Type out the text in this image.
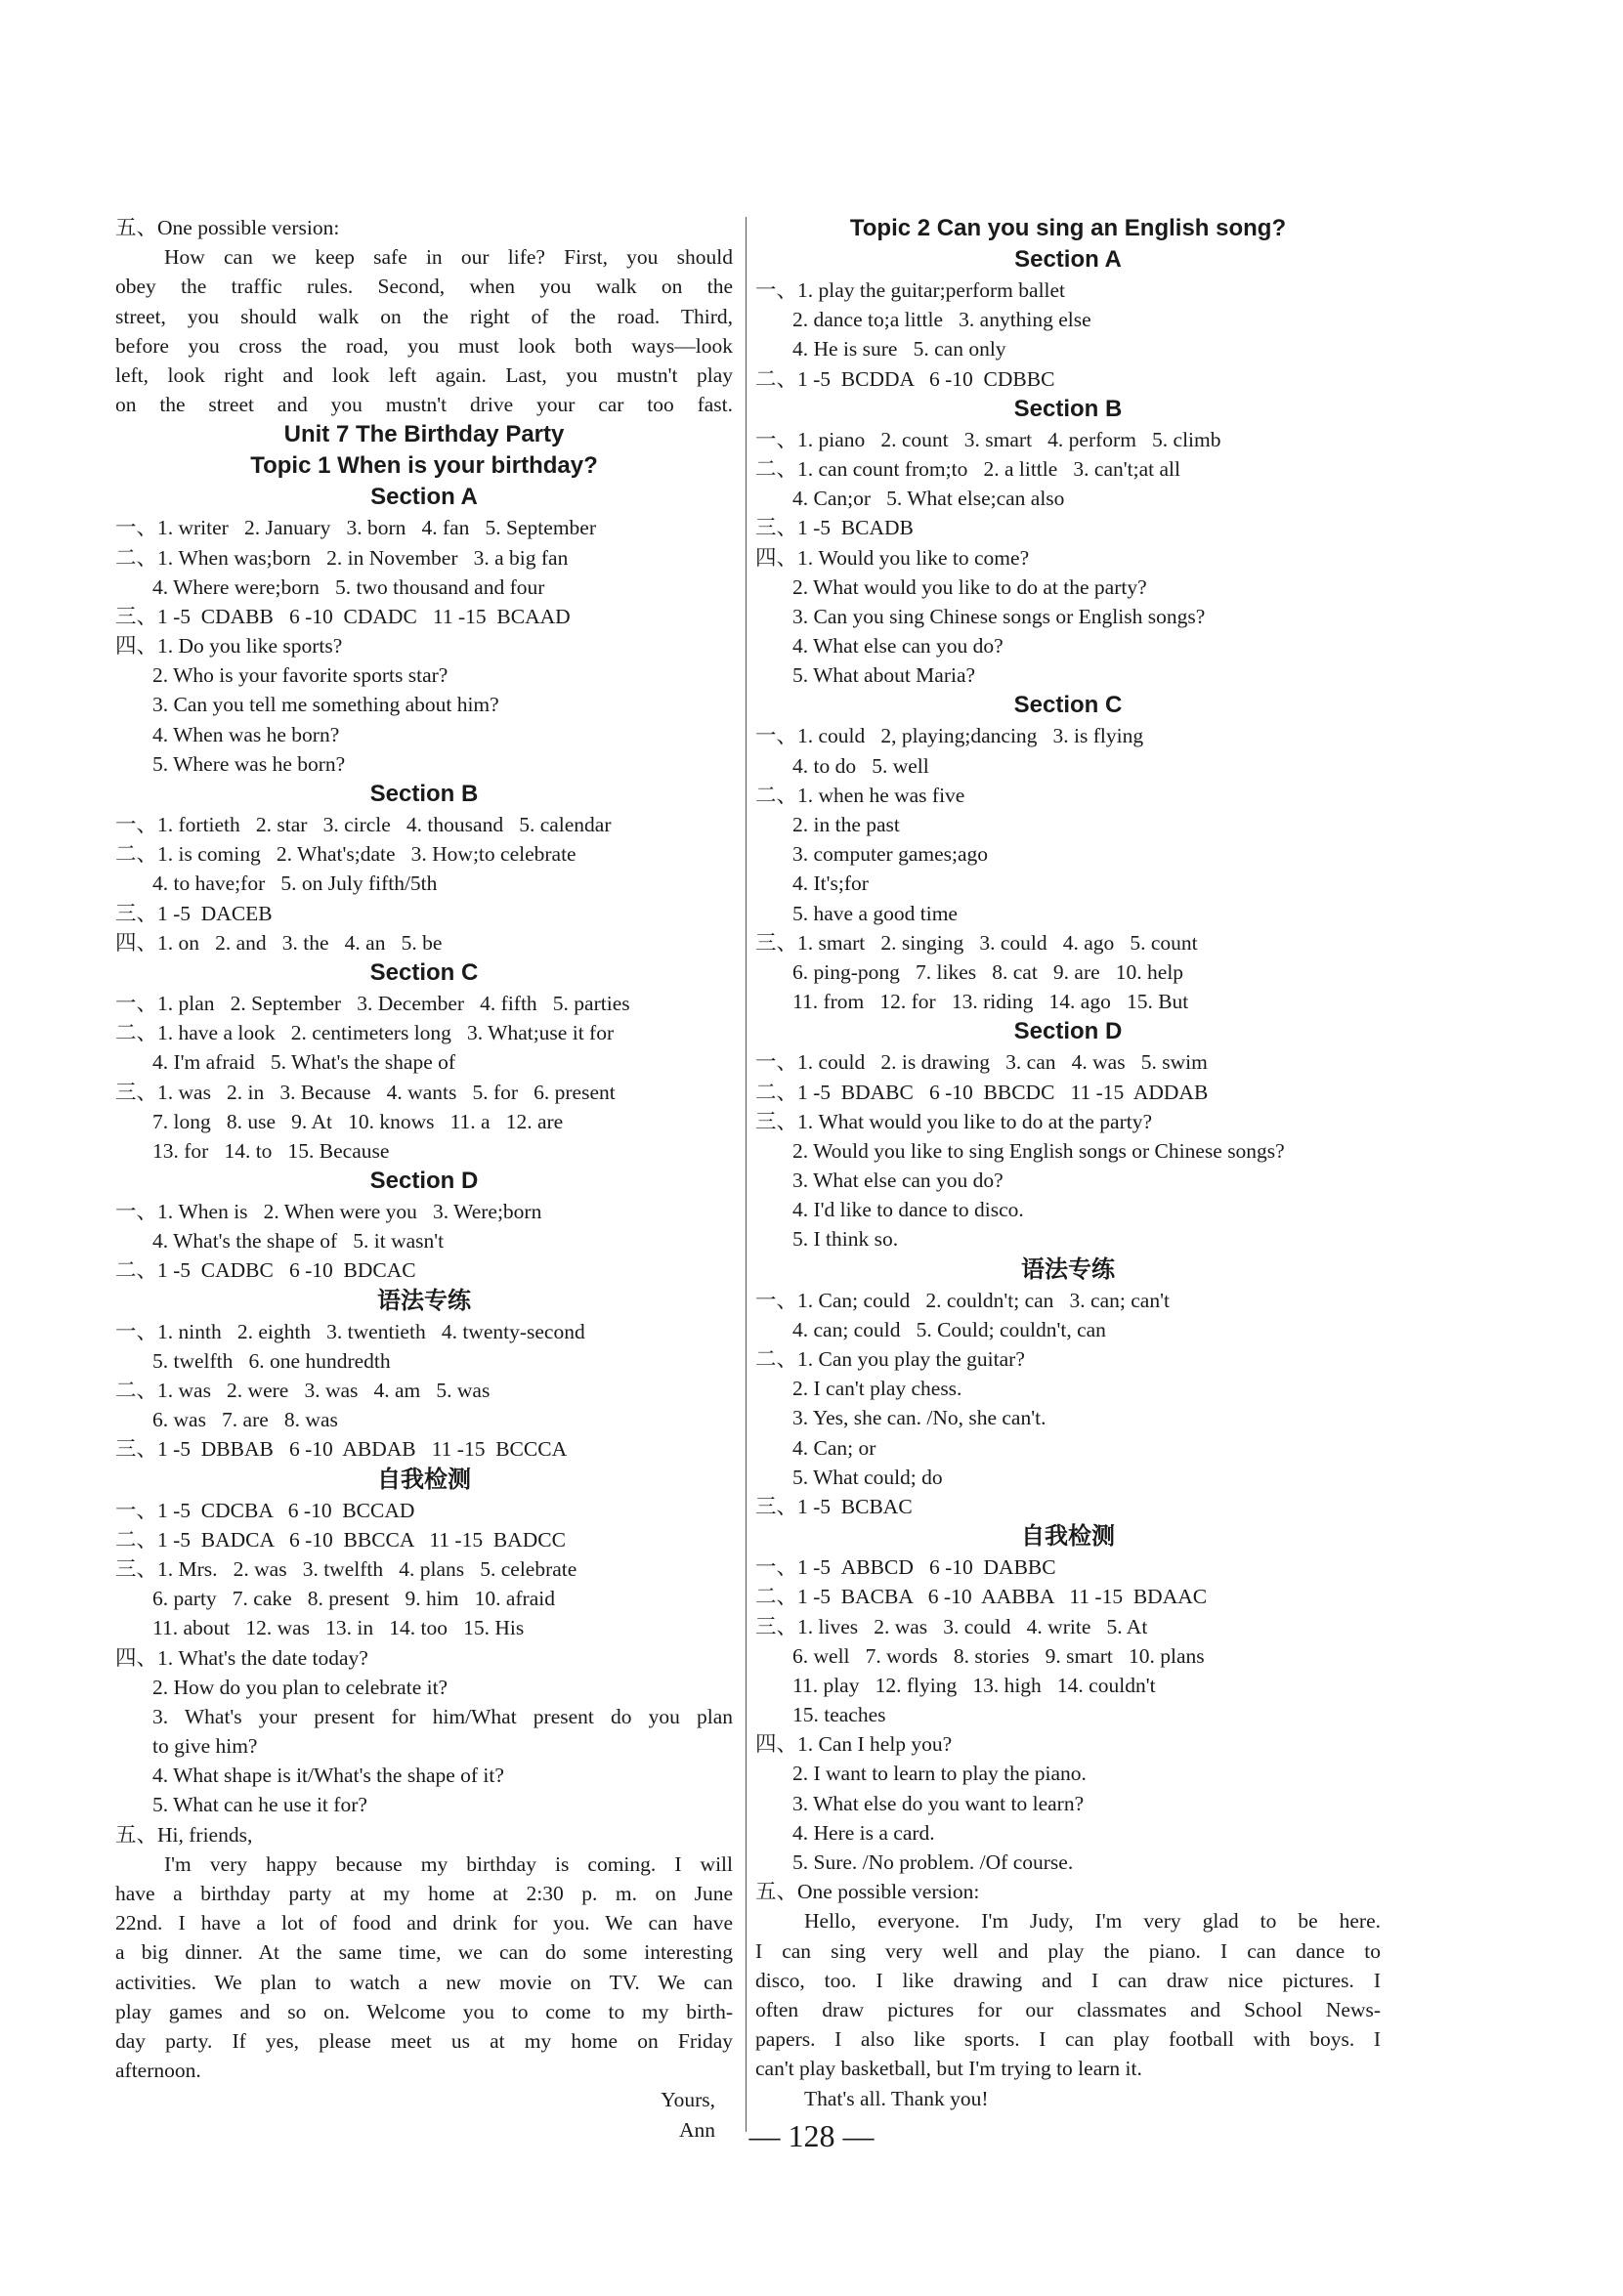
五、One possible version:
How can we keep safe in our life? First, you should
obey the traffic rules. Second, when you walk on the
street, you should walk on the right of the road. Third,
before you cross the road, you must look both ways—look
left, look right and look left again. Last, you mustn't play
on the street and you mustn't drive your car too fast.
Unit 7 The Birthday Party
Topic 1 When is your birthday?
Section A
一、1. writer   2. January   3. born   4. fan   5. September
二、1. When was;born   2. in November   3. a big fan
4. Where were;born   5. two thousand and four
三、1 -5  CDABB   6 -10  CDADC   11 -15  BCAAD
四、1. Do you like sports?
2. Who is your favorite sports star?
3. Can you tell me something about him?
4. When was he born?
5. Where was he born?
Section B
一、1. fortieth   2. star   3. circle   4. thousand   5. calendar
二、1. is coming   2. What's;date   3. How;to celebrate
4. to have;for   5. on July fifth/5th
三、1 -5  DACEB
四、1. on   2. and   3. the   4. an   5. be
Section C
一、1. plan   2. September   3. December   4. fifth   5. parties
二、1. have a look   2. centimeters long   3. What;use it for
4. I'm afraid   5. What's the shape of
三、1. was   2. in   3. Because   4. wants   5. for   6. present
7. long   8. use   9. At   10. knows   11. a   12. are
13. for   14. to   15. Because
Section D
一、1. When is   2. When were you   3. Were;born
4. What's the shape of   5. it wasn't
二、1 -5  CADBC   6 -10  BDCAC
语法专练
一、1. ninth   2. eighth   3. twentieth   4. twenty-second
5. twelfth   6. one hundredth
二、1. was   2. were   3. was   4. am   5. was
6. was   7. are   8. was
三、1 -5  DBBAB   6 -10  ABDAB   11 -15  BCCCA
自我检测
一、1 -5  CDCBA   6 -10  BCCAD
二、1 -5  BADCA   6 -10  BBCCA   11 -15  BADCC
三、1. Mrs.   2. was   3. twelfth   4. plans   5. celebrate
6. party   7. cake   8. present   9. him   10. afraid
11. about   12. was   13. in   14. too   15. His
四、1. What's the date today?
2. How do you plan to celebrate it?
3. What's your present for him/What present do you plan
to give him?
4. What shape is it/What's the shape of it?
5. What can he use it for?
五、Hi, friends,
I'm very happy because my birthday is coming. I will
have a birthday party at my home at 2:30 p. m. on June
22nd. I have a lot of food and drink for you. We can have
a big dinner. At the same time, we can do some interesting
activities. We plan to watch a new movie on TV. We can
play games and so on. Welcome you to come to my birth-
day party. If yes, please meet us at my home on Friday
afternoon.
Yours,
Ann
Topic 2 Can you sing an English song?
Section A
一、1. play the guitar;perform ballet
2. dance to;a little   3. anything else
4. He is sure   5. can only
二、1 -5  BCDDA   6 -10  CDBBC
Section B
一、1. piano   2. count   3. smart   4. perform   5. climb
二、1. can count from;to   2. a little   3. can't;at all
4. Can;or   5. What else;can also
三、1 -5  BCADB
四、1. Would you like to come?
2. What would you like to do at the party?
3. Can you sing Chinese songs or English songs?
4. What else can you do?
5. What about Maria?
Section C
一、1. could   2, playing;dancing   3. is flying
4. to do   5. well
二、1. when he was five
2. in the past
3. computer games;ago
4. It's;for
5. have a good time
三、1. smart   2. singing   3. could   4. ago   5. count
6. ping-pong   7. likes   8. cat   9. are   10. help
11. from   12. for   13. riding   14. ago   15. But
Section D
一、1. could   2. is drawing   3. can   4. was   5. swim
二、1 -5  BDABC   6 -10  BBCDC   11 -15  ADDAB
三、1. What would you like to do at the party?
2. Would you like to sing English songs or Chinese songs?
3. What else can you do?
4. I'd like to dance to disco.
5. I think so.
语法专练
一、1. Can; could   2. couldn't; can   3. can; can't
4. can; could   5. Could; couldn't, can
二、1. Can you play the guitar?
2. I can't play chess.
3. Yes, she can. /No, she can't.
4. Can; or
5. What could; do
三、1 -5  BCBAC
自我检测
一、1 -5  ABBCD   6 -10  DABBC
二、1 -5  BACBA   6 -10  AABBA   11 -15  BDAAC
三、1. lives   2. was   3. could   4. write   5. At
6. well   7. words   8. stories   9. smart   10. plans
11. play   12. flying   13. high   14. couldn't
15. teaches
四、1. Can I help you?
2. I want to learn to play the piano.
3. What else do you want to learn?
4. Here is a card.
5. Sure. /No problem. /Of course.
五、One possible version:
Hello, everyone. I'm Judy, I'm very glad to be here.
I can sing very well and play the piano. I can dance to
disco, too. I like drawing and I can draw nice pictures. I
often draw pictures for our classmates and School News-
papers. I also like sports. I can play football with boys. I
can't play basketball, but I'm trying to learn it.
That's all. Thank you!
— 128 —
